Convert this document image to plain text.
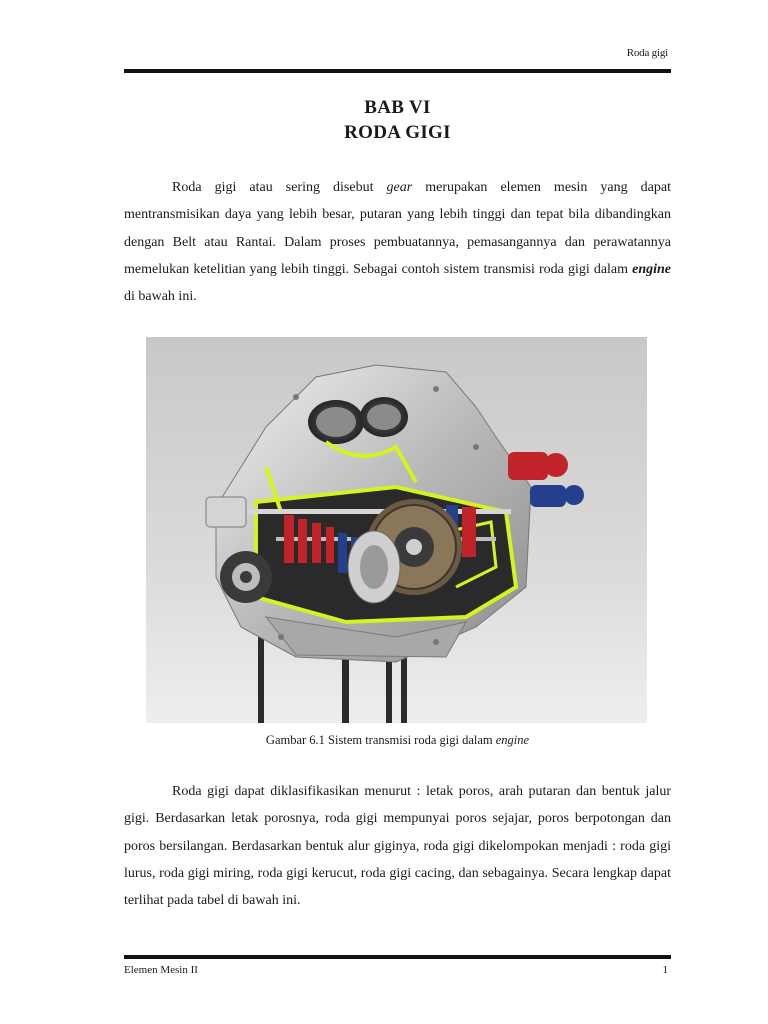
Roda gigi
BAB VI
RODA GIGI

Roda gigi atau sering disebut gear merupakan elemen mesin yang dapat mentransmisikan daya yang lebih besar, putaran yang lebih tinggi dan tepat bila dibandingkan dengan Belt atau Rantai. Dalam proses pembuatannya, pemasangannya dan perawatannya memelukan ketelitian yang lebih tinggi. Sebagai contoh sistem transmisi roda gigi dalam engine di bawah ini.

Gambar 6.1 Sistem transmisi roda gigi dalam engine

Roda gigi dapat diklasifikasikan menurut : letak poros, arah putaran dan bentuk jalur gigi. Berdasarkan letak porosnya, roda gigi mempunyai poros sejajar, poros berpotongan dan poros bersilangan. Berdasarkan bentuk alur giginya, roda gigi dikelompokan menjadi : roda gigi lurus, roda gigi miring, roda gigi kerucut, roda gigi cacing, dan sebagainya. Secara lengkap dapat terlihat pada tabel di bawah ini.

Elemen Mesin II	1
